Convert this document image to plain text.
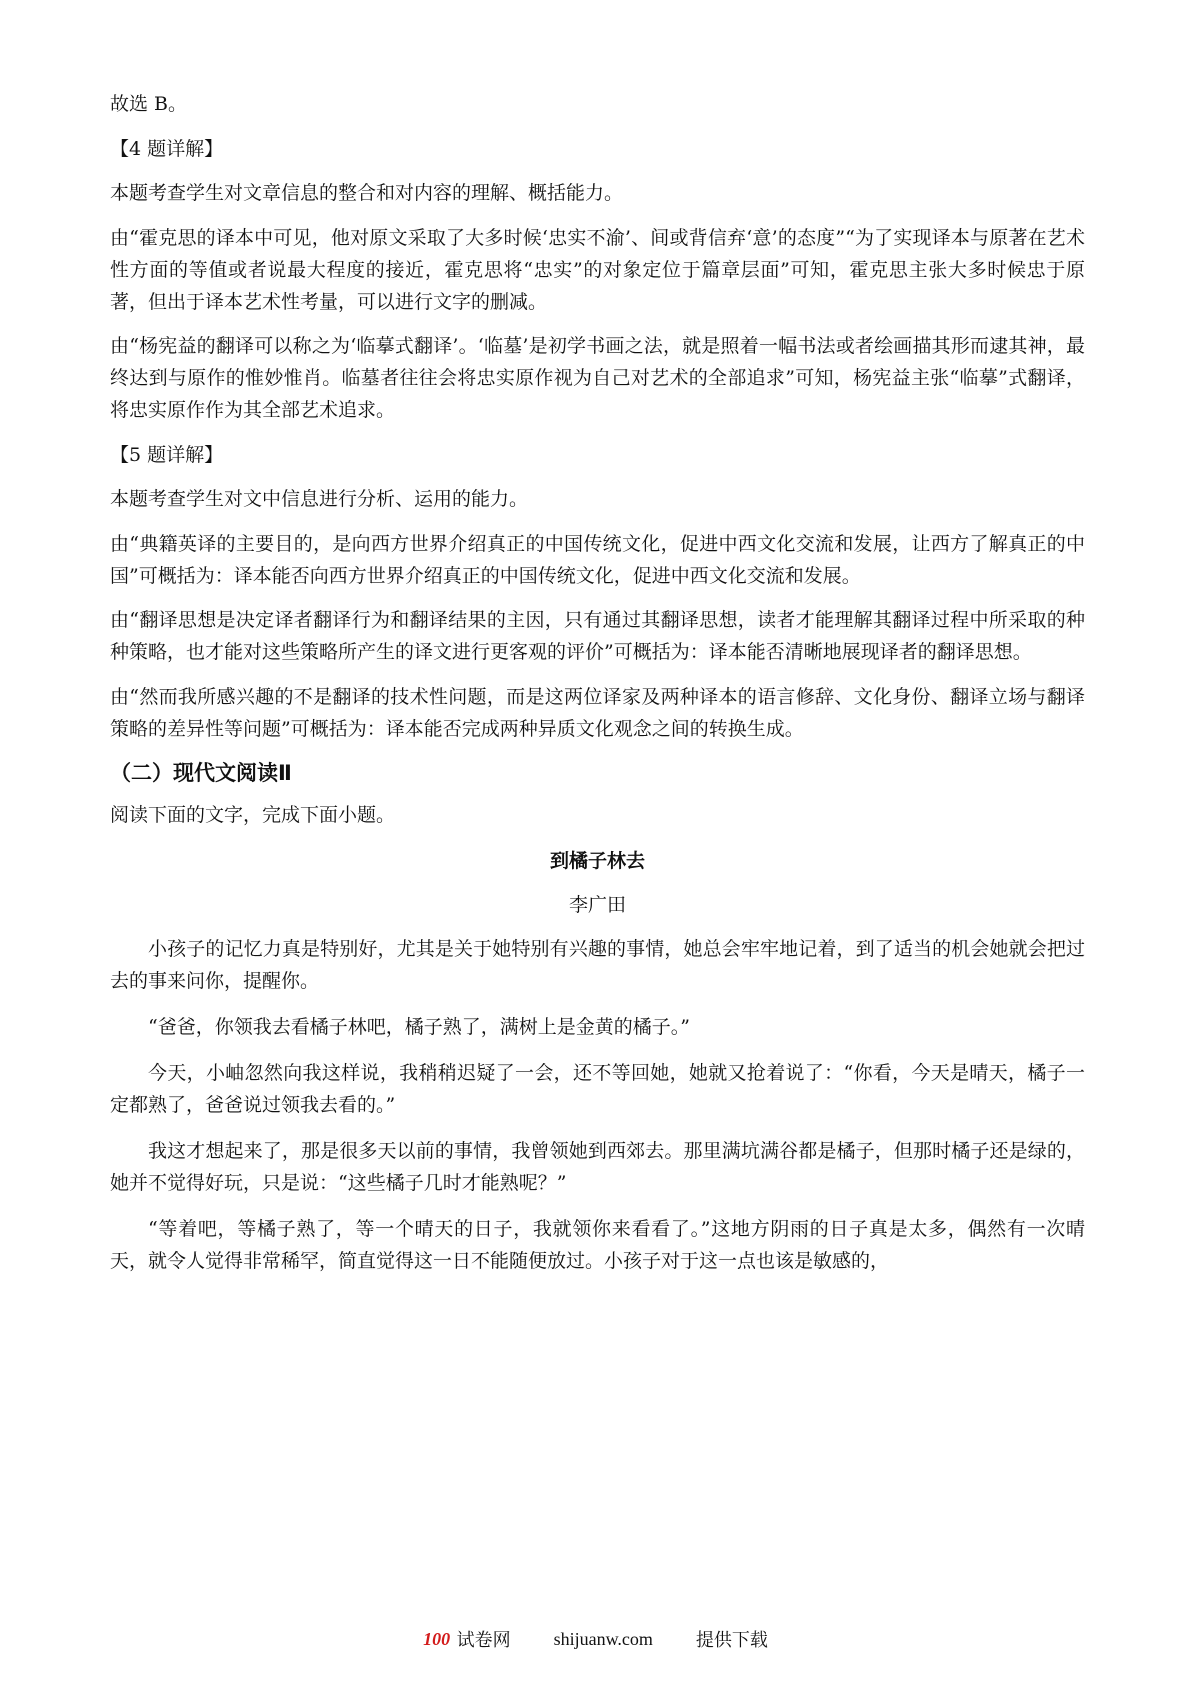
故选 B。

【4 题详解】

本题考查学生对文章信息的整合和对内容的理解、概括能力。

由“霍克思的译本中可见，他对原文采取了大多时候‘忠实不渝’、间或背信弃‘意’的态度”“为了实现译本与原著在艺术性方面的等值或者说最大程度的接近，霍克思将“忠实”的对象定位于篇章层面”可知，霍克思主张大多时候忠于原著，但出于译本艺术性考量，可以进行文字的删减。

由“杨宪益的翻译可以称之为‘临摹式翻译’。‘临墓’是初学书画之法，就是照着一幅书法或者绘画描其形而逮其神，最终达到与原作的惟妙惟肖。临墓者往往会将忠实原作视为自己对艺术的全部追求”可知，杨宪益主张“临摹”式翻译，将忠实原作作为其全部艺术追求。

【5 题详解】

本题考查学生对文中信息进行分析、运用的能力。

由“典籍英译的主要目的，是向西方世界介绍真正的中国传统文化，促进中西文化交流和发展，让西方了解真正的中国”可概括为：译本能否向西方世界介绍真正的中国传统文化，促进中西文化交流和发展。

由“翻译思想是决定译者翻译行为和翻译结果的主因，只有通过其翻译思想，读者才能理解其翻译过程中所采取的种种策略，也才能对这些策略所产生的译文进行更客观的评价”可概括为：译本能否清晰地展现译者的翻译思想。

由“然而我所感兴趣的不是翻译的技术性问题，而是这两位译家及两种译本的语言修辞、文化身份、翻译立场与翻译策略的差异性等问题”可概括为：译本能否完成两种异质文化观念之间的转换生成。

（二）现代文阅读Ⅱ

阅读下面的文字，完成下面小题。

到橘子林去
李广田

小孩子的记忆力真是特别好，尤其是关于她特别有兴趣的事情，她总会牢牢地记着，到了适当的机会她就会把过去的事来问你，提醒你。

“爸爸，你领我去看橘子林吧，橘子熟了，满树上是金黄的橘子。”

今天，小岫忽然向我这样说，我稍稍迟疑了一会，还不等回她，她就又抢着说了：“你看，今天是晴天，橘子一定都熟了，爸爸说过领我去看的。”

我这才想起来了，那是很多天以前的事情，我曾领她到西郊去。那里满坑满谷都是橘子，但那时橘子还是绿的，她并不觉得好玩，只是说：“这些橘子几时才能熟呢？”

“等着吧，等橘子熟了，等一个晴天的日子，我就领你来看看了。”这地方阴雨的日子真是太多，偶然有一次晴天，就令人觉得非常稀罕，简直觉得这一日不能随便放过。小孩子对于这一点也该是敏感的，

100 试卷网 shijuanw.com 提供下载
